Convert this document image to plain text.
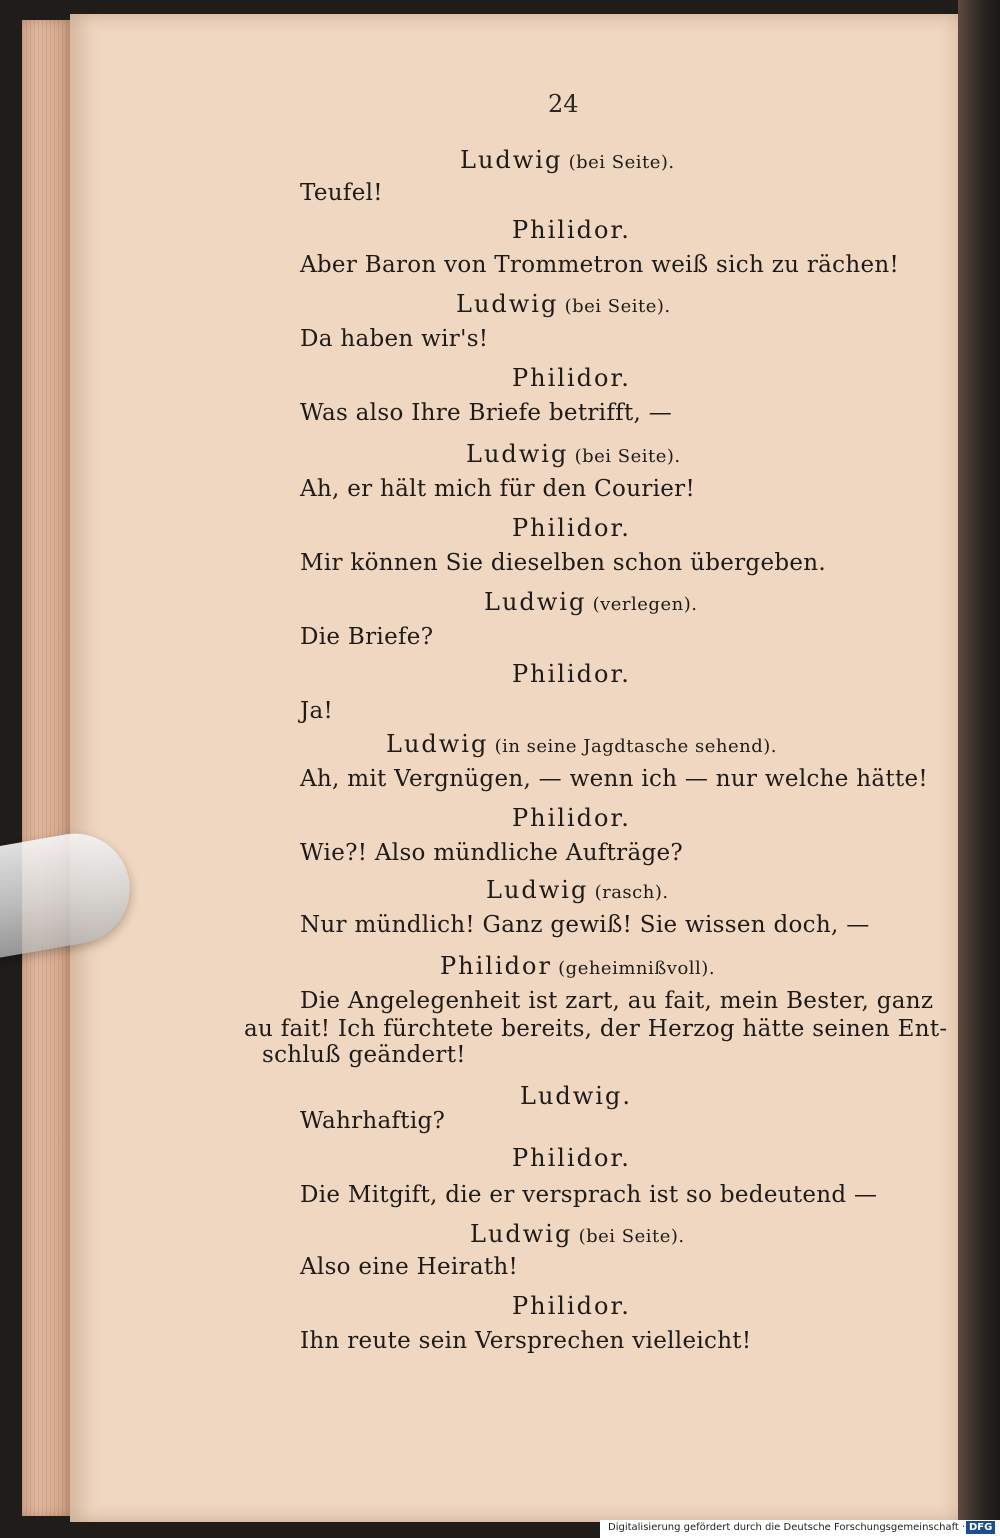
24
Ludwig (bei Seite).
Teufel!
Philidor.
Aber Baron von Trommetron weiß sich zu rächen!
Ludwig (bei Seite).
Da haben wir's!
Philidor.
Was also Ihre Briefe betrifft, —
Ludwig (bei Seite).
Ah, er hält mich für den Courier!
Philidor.
Mir können Sie dieselben schon übergeben.
Ludwig (verlegen).
Die Briefe?
Philidor.
Ja!
Ludwig (in seine Jagdtasche sehend).
Ah, mit Vergnügen, — wenn ich — nur welche hätte!
Philidor.
Wie?! Also mündliche Aufträge?
Ludwig (rasch).
Nur mündlich! Ganz gewiß! Sie wissen doch, —
Philidor (geheimnißvoll).
Die Angelegenheit ist zart, au fait, mein Bester, ganz
au fait! Ich fürchtete bereits, der Herzog hätte seinen Ent-
schluß geändert!
Ludwig.
Wahrhaftig?
Philidor.
Die Mitgift, die er versprach ist so bedeutend —
Ludwig (bei Seite).
Also eine Heirath!
Philidor.
Ihn reute sein Versprechen vielleicht!
Digitalisierung gefördert durch die Deutsche Forschungsgemeinschaft · DFG
